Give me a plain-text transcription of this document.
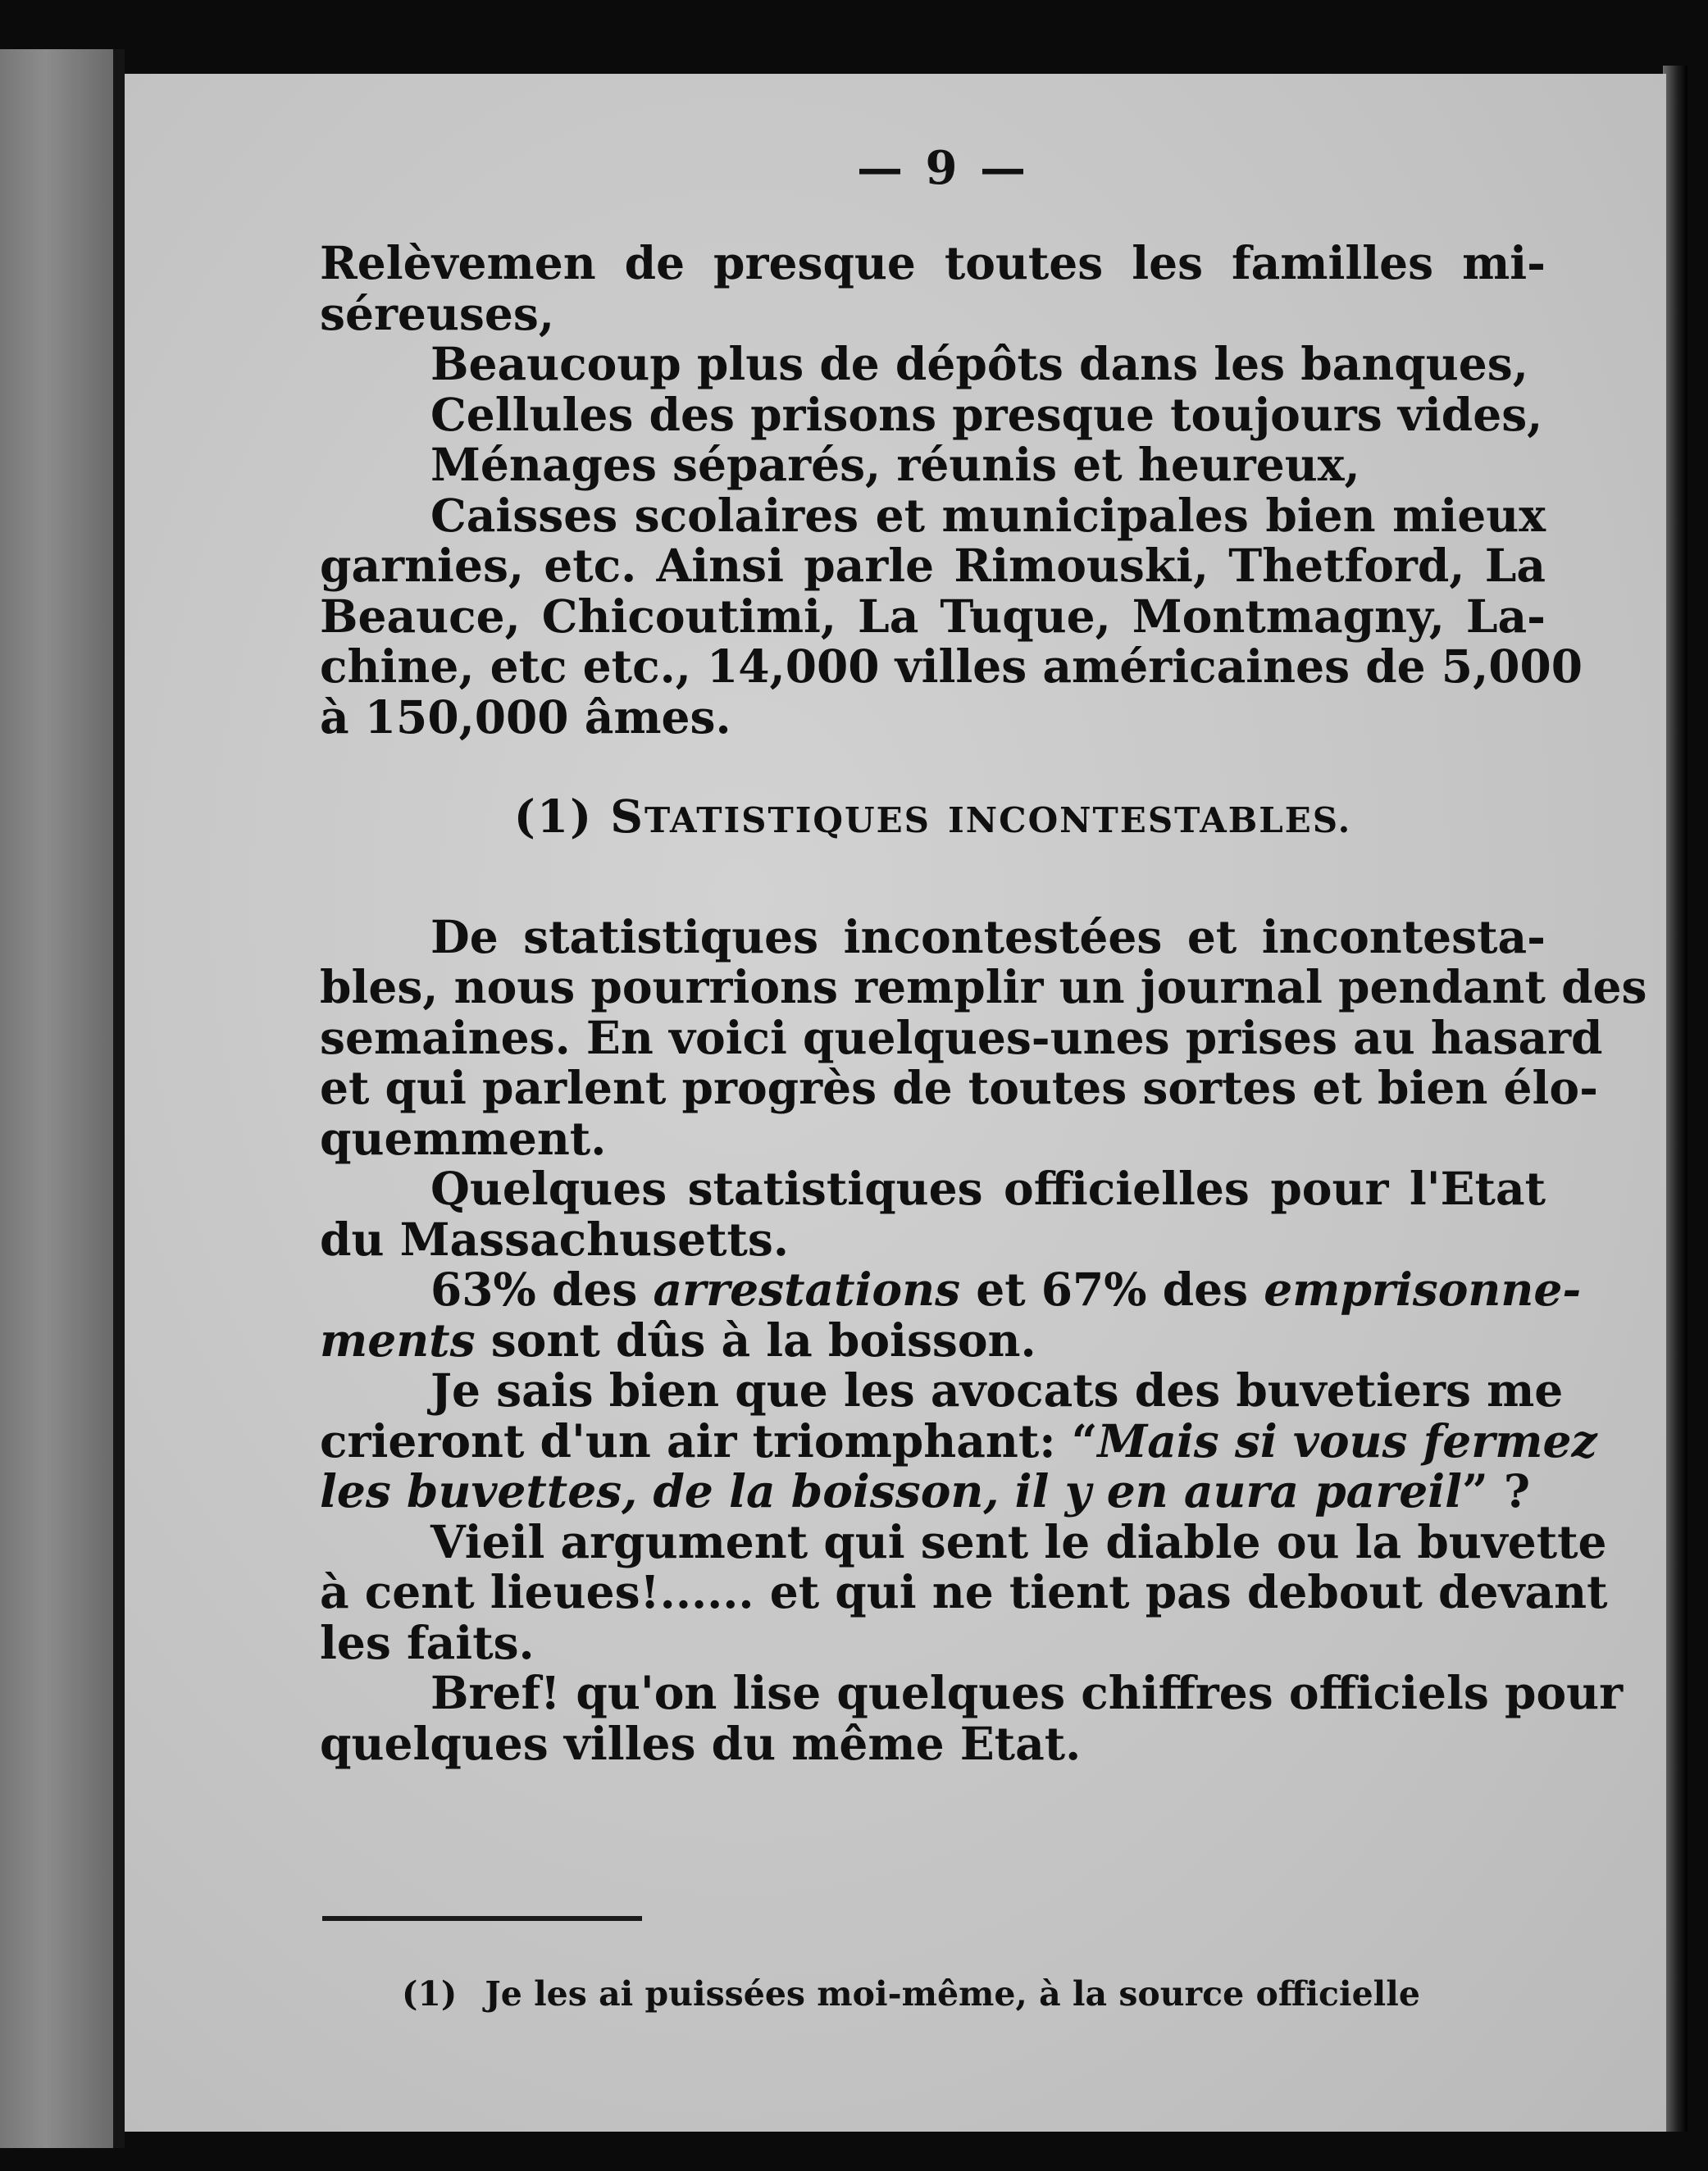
— 9 —
Relèvemen de presque toutes les familles mi-
séreuses,
Beaucoup plus de dépôts dans les banques,
Cellules des prisons presque toujours vides,
Ménages séparés, réunis et heureux,
Caisses scolaires et municipales bien mieux
garnies, etc. Ainsi parle Rimouski, Thetford, La
Beauce, Chicoutimi, La Tuque, Montmagny, La-
chine, etc etc., 14,000 villes américaines de 5,000
à 150,000 âmes.
(1) STATISTIQUES INCONTESTABLES.
De statistiques incontestées et incontesta-
bles, nous pourrions remplir un journal pendant des
semaines. En voici quelques-unes prises au hasard
et qui parlent progrès de toutes sortes et bien élo-
quemment.
Quelques statistiques officielles pour l'Etat
du Massachusetts.
63% des arrestations et 67% des emprisonne-
ments sont dûs à la boisson.
Je sais bien que les avocats des buvetiers me
crieront d'un air triomphant: “Mais si vous fermez
les buvettes, de la boisson, il y en aura pareil” ?
Vieil argument qui sent le diable ou la buvette
à cent lieues!...... et qui ne tient pas debout devant
les faits.
Bref! qu'on lise quelques chiffres officiels pour
quelques villes du même Etat.
(1) Je les ai puissées moi-même, à la source officielle
